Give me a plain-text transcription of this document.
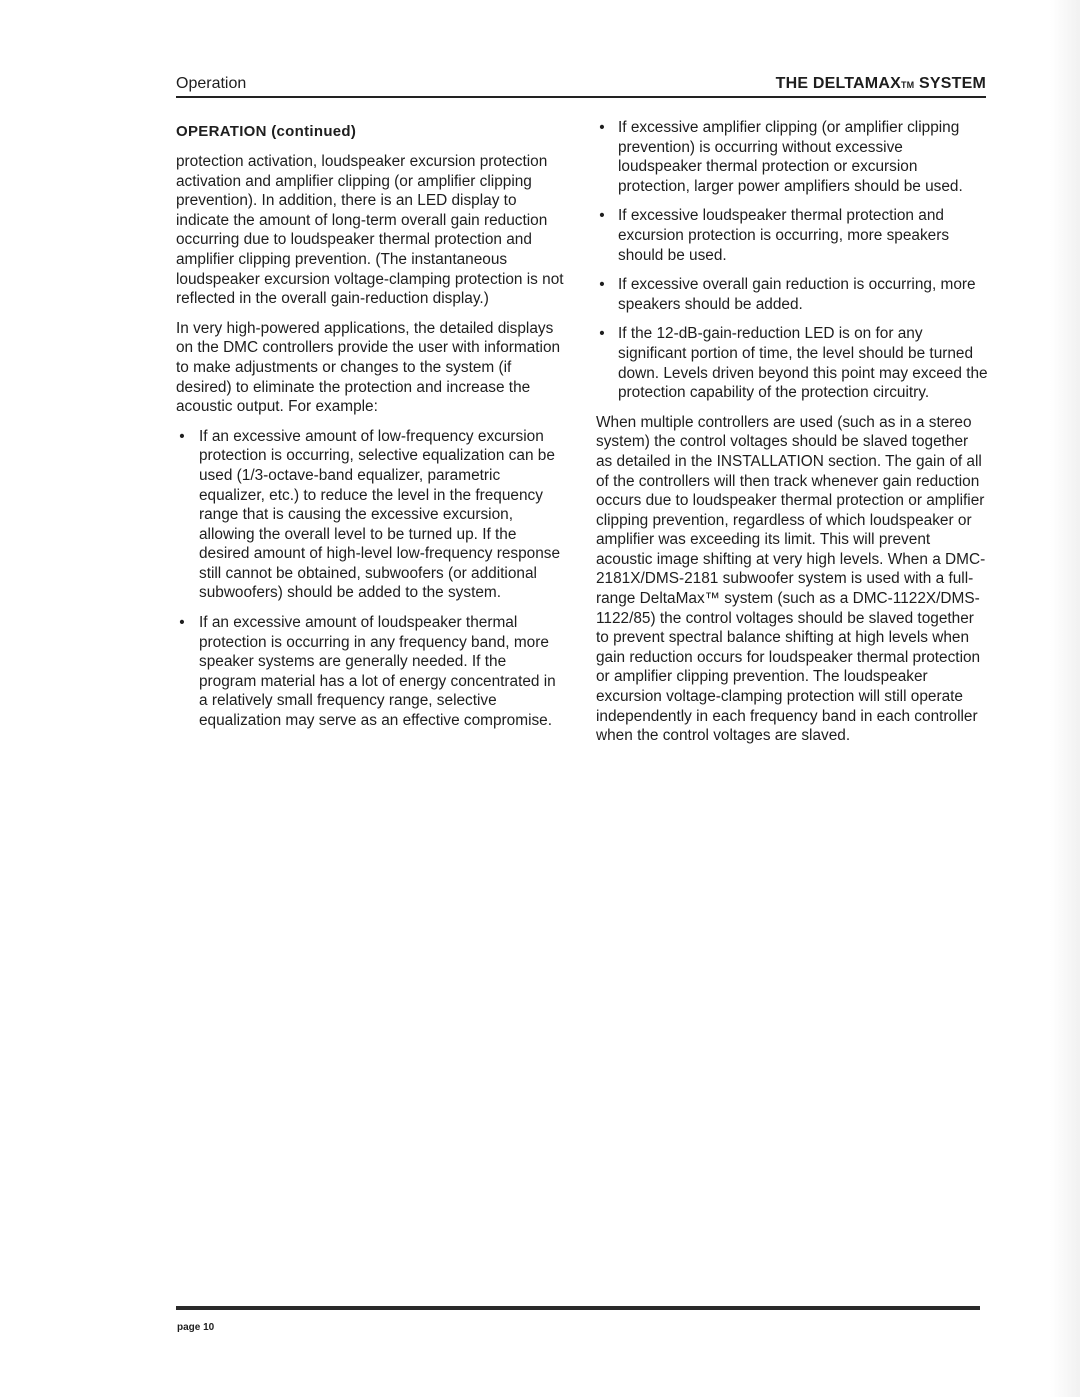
Operation	THE DELTAMAX™ SYSTEM
OPERATION (continued)

protection activation, loudspeaker excursion protection activation and amplifier clipping (or amplifier clipping prevention). In addition, there is an LED display to indicate the amount of long-term overall gain reduction occurring due to loudspeaker thermal protection and amplifier clipping prevention. (The instantaneous loudspeaker excursion voltage-clamping protection is not reflected in the overall gain-reduction display.)

In very high-powered applications, the detailed displays on the DMC controllers provide the user with information to make adjustments or changes to the system (if desired) to eliminate the protection and increase the acoustic output. For example:

• If an excessive amount of low-frequency excursion protection is occurring, selective equalization can be used (1/3-octave-band equalizer, parametric equalizer, etc.) to reduce the level in the frequency range that is causing the excessive excursion, allowing the overall level to be turned up. If the desired amount of high-level low-frequency response still cannot be obtained, subwoofers (or additional subwoofers) should be added to the system.
• If an excessive amount of loudspeaker thermal protection is occurring in any frequency band, more speaker systems are generally needed. If the program material has a lot of energy concentrated in a relatively small frequency range, selective equalization may serve as an effective compromise.
• If excessive amplifier clipping (or amplifier clipping prevention) is occurring without excessive loudspeaker thermal protection or excursion protection, larger power amplifiers should be used.
• If excessive loudspeaker thermal protection and excursion protection is occurring, more speakers should be used.
• If excessive overall gain reduction is occurring, more speakers should be added.
• If the 12-dB-gain-reduction LED is on for any significant portion of time, the level should be turned down. Levels driven beyond this point may exceed the protection capability of the protection circuitry.

When multiple controllers are used (such as in a stereo system) the control voltages should be slaved together as detailed in the INSTALLATION section. The gain of all of the controllers will then track whenever gain reduction occurs due to loudspeaker thermal protection or amplifier clipping prevention, regardless of which loudspeaker or amplifier was exceeding its limit. This will prevent acoustic image shifting at very high levels. When a DMC-2181X/DMS-2181 subwoofer system is used with a full-range DeltaMax™ system (such as a DMC-1122X/DMS-1122/85) the control voltages should be slaved together to prevent spectral balance shifting at high levels when gain reduction occurs for loudspeaker thermal protection or amplifier clipping prevention. The loudspeaker excursion voltage-clamping protection will still operate independently in each frequency band in each controller when the control voltages are slaved.

page 10
